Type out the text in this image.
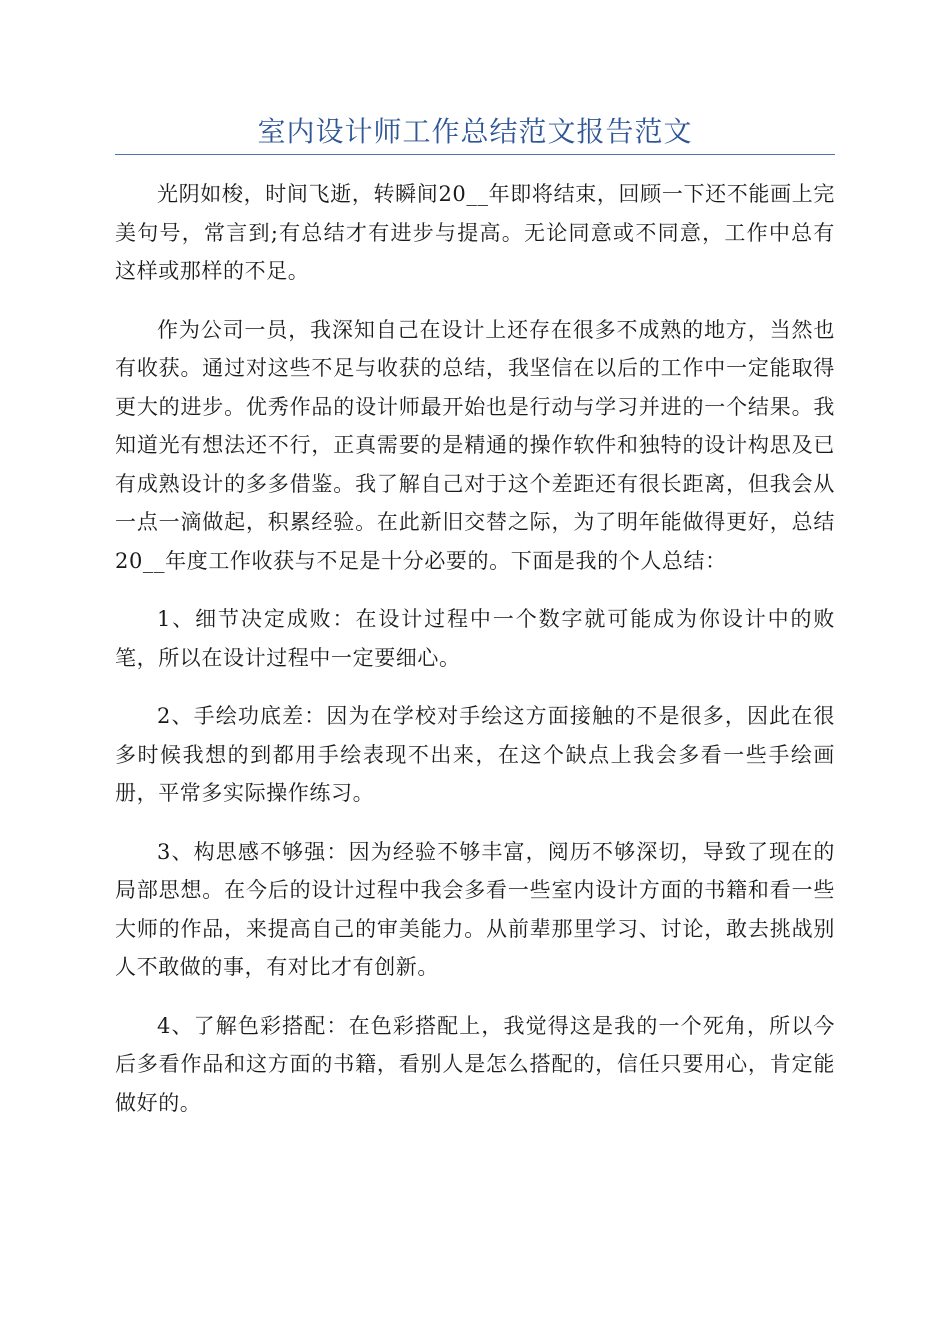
室内设计师工作总结范文报告范文

光阴如梭，时间飞逝，转瞬间20__年即将结束，回顾一下还不能画上完美句号，常言到;有总结才有进步与提高。无论同意或不同意，工作中总有这样或那样的不足。

作为公司一员，我深知自己在设计上还存在很多不成熟的地方，当然也有收获。通过对这些不足与收获的总结，我坚信在以后的工作中一定能取得更大的进步。优秀作品的设计师最开始也是行动与学习并进的一个结果。我知道光有想法还不行，正真需要的是精通的操作软件和独特的设计构思及已有成熟设计的多多借鉴。我了解自己对于这个差距还有很长距离，但我会从一点一滴做起，积累经验。在此新旧交替之际，为了明年能做得更好，总结20__年度工作收获与不足是十分必要的。下面是我的个人总结：

1、细节决定成败：在设计过程中一个数字就可能成为你设计中的败笔，所以在设计过程中一定要细心。

2、手绘功底差：因为在学校对手绘这方面接触的不是很多，因此在很多时候我想的到都用手绘表现不出来，在这个缺点上我会多看一些手绘画册，平常多实际操作练习。

3、构思感不够强：因为经验不够丰富，阅历不够深切，导致了现在的局部思想。在今后的设计过程中我会多看一些室内设计方面的书籍和看一些大师的作品，来提高自己的审美能力。从前辈那里学习、讨论，敢去挑战别人不敢做的事，有对比才有创新。

4、了解色彩搭配：在色彩搭配上，我觉得这是我的一个死角，所以今后多看作品和这方面的书籍，看别人是怎么搭配的，信任只要用心，肯定能做好的。
